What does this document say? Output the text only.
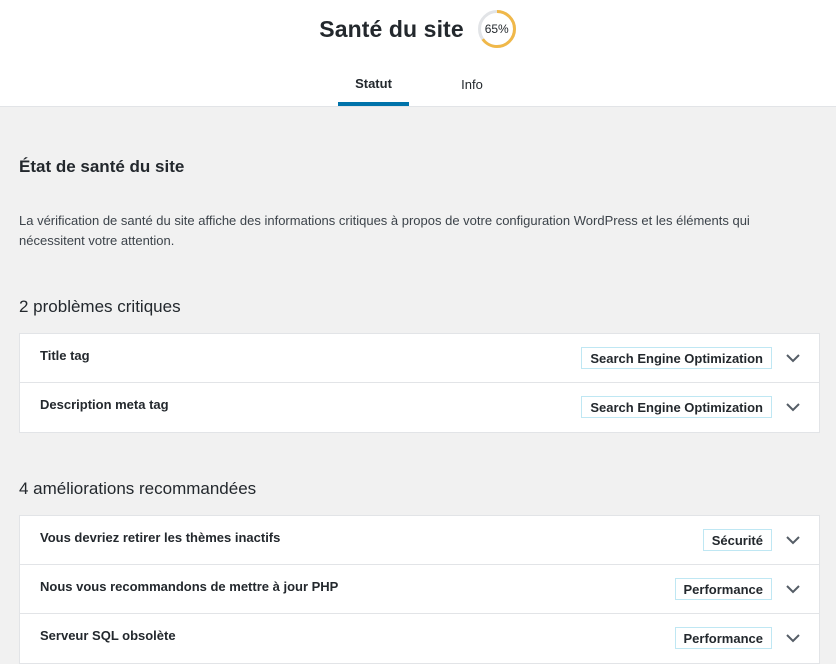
Santé du site	65%
Statut	Info
État de santé du site

La vérification de santé du site affiche des informations critiques à propos de votre configuration WordPress et les éléments qui nécessitent votre attention.

2 problèmes critiques
Title tag	Search Engine Optimization
Description meta tag	Search Engine Optimization
4 améliorations recommandées
Vous devriez retirer les thèmes inactifs	Sécurité
Nous vous recommandons de mettre à jour PHP	Performance
Serveur SQL obsolète	Performance
